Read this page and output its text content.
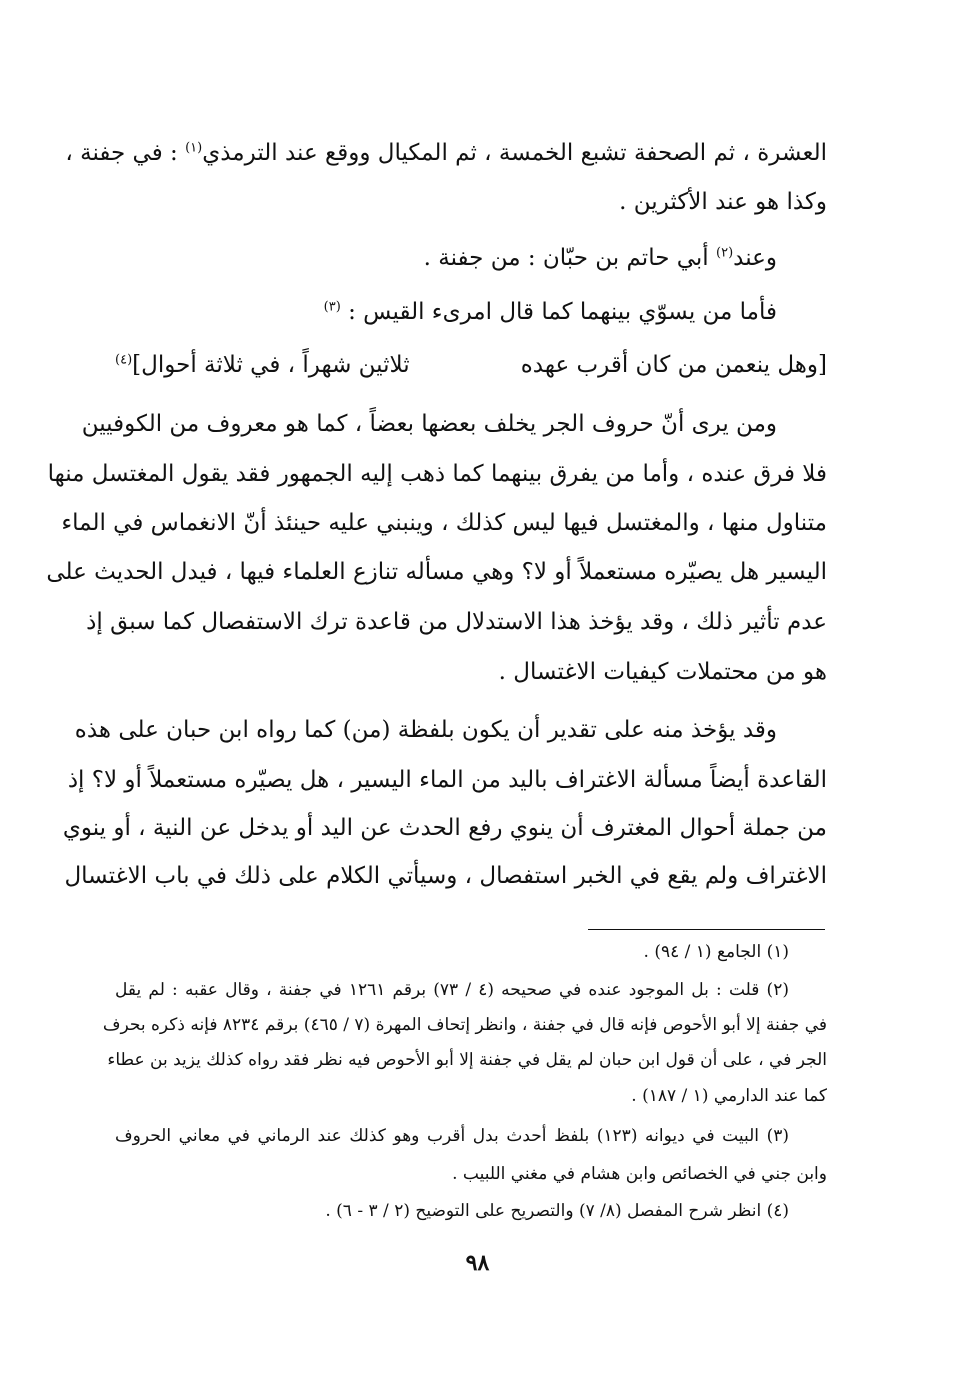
العشرة ، ثم الصحفة تشبع الخمسة ، ثم المكيال ووقع عند الترمذي$^{(١)}$ : في جفنة ،
وكذا هو عند الأكثرين .
وعند$^{(٢)}$ أبي حاتم بن حبّان : من جفنة .
فأما من يسوّي بينهما كما قال امرىء القيس : $^{(٣)}$
[وهل ينعمن من كان أقرب عهده
ثلاثين شهراً ، في ثلاثة أحوال]$^{(٤)}$
ومن يرى أنّ حروف الجر يخلف بعضها بعضاً ، كما هو معروف من الكوفيين
فلا فرق عنده ، وأما من يفرق بينهما كما ذهب إليه الجمهور فقد يقول المغتسل منها
متناول منها ، والمغتسل فيها ليس كذلك ، وينبني عليه حينئذ أنّ الانغماس في الماء
اليسير هل يصيّره مستعملاً أو لا؟ وهي مسأله تنازع العلماء فيها ، فيدل الحديث على
عدم تأثير ذلك ، وقد يؤخذ هذا الاستدلال من قاعدة ترك الاستفصال كما سبق إذ
هو من محتملات كيفيات الاغتسال .
وقد يؤخذ منه على تقدير أن يكون بلفظة (من) كما رواه ابن حبان على هذه
القاعدة أيضاً مسألة الاغتراف باليد من الماء اليسير ، هل يصيّره مستعملاً أو لا؟ إذ
من جملة أحوال المغترف أن ينوي رفع الحدث عن اليد أو يدخل عن النية ، أو ينوي
الاغتراف ولم يقع في الخبر استفصال ، وسيأتي الكلام على ذلك في باب الاغتسال
(١) الجامع (١ / ٩٤) .
(٢) قلت : بل الموجود عنده في صحيحه (٤ / ٧٣) برقم ١٢٦١ في جفنة ، وقال عقبه : لم يقل
في جفنة إلا أبو الأحوص فإنه قال في جفنة ، وانظر إتحاف المهرة (٧ / ٤٦٥) برقم ٨٢٣٤ فإنه ذكره بحرف
الجر في ، على أن قول ابن حبان لم يقل في جفنة إلا أبو الأحوص فيه نظر فقد رواه كذلك يزيد بن عطاء
كما عند الدارمي (١ / ١٨٧) .
(٣) البيت في ديوانه (١٢٣) بلفظ أحدث بدل أقرب وهو كذلك عند الرماني في معاني الحروف
وابن جني في الخصائص وابن هشام في مغني اللبيب .
(٤) انظر شرح المفصل (٨/ ٧) والتصريح على التوضيح (٢ / ٣ - ٦) .
٩٨
